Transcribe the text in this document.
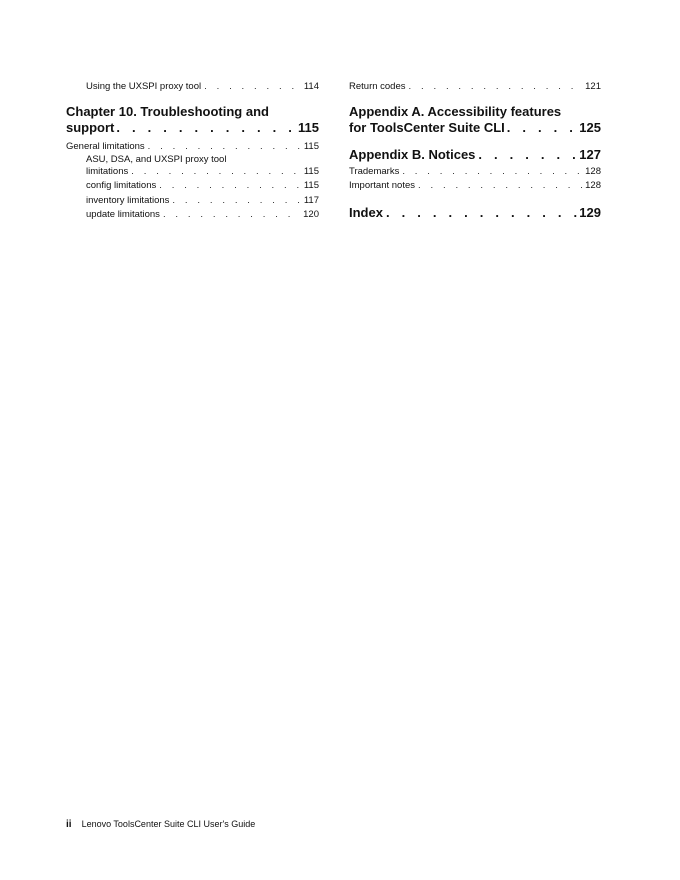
Using the UXSPI proxy tool . . .	114
Chapter 10. Troubleshooting and
support . . .	115
General limitations . . .	115
ASU, DSA, and UXSPI proxy tool
limitations . . .	115
config limitations . . .	115
inventory limitations . . .	117
update limitations . . .	120
Return codes . . .	121
Appendix A. Accessibility features
for ToolsCenter Suite CLI . . .	125
Appendix B. Notices . . .	127
Trademarks . . .	128
Important notes . . .	128
Index . . .	129
ii Lenovo ToolsCenter Suite CLI User's Guide
